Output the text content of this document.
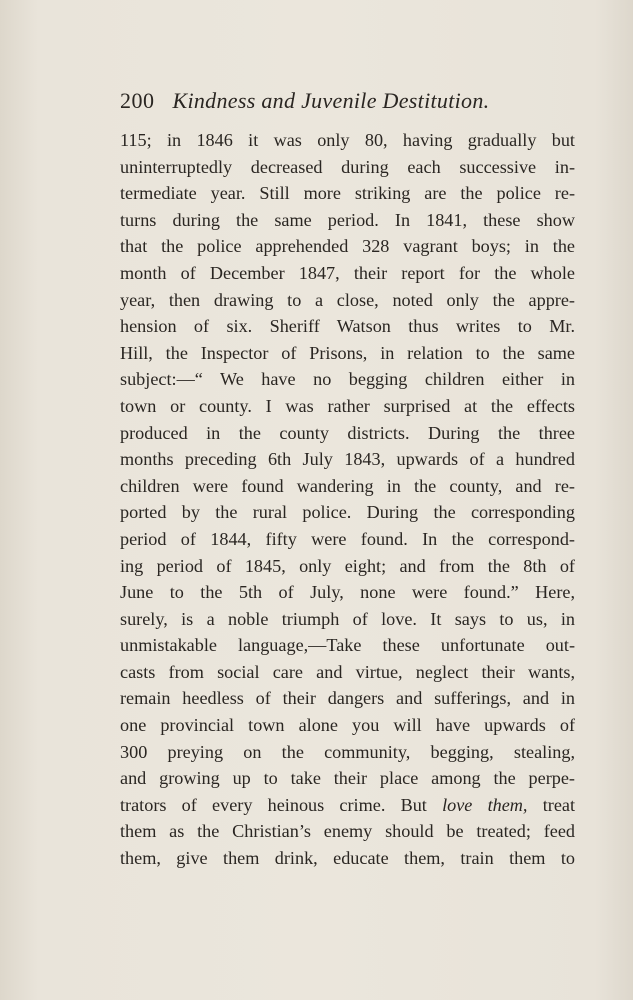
200 Kindness and Juvenile Destitution.
115; in 1846 it was only 80, having gradually but
uninterruptedly decreased during each successive in-
termediate year. Still more striking are the police re-
turns during the same period. In 1841, these show
that the police apprehended 328 vagrant boys; in the
month of December 1847, their report for the whole
year, then drawing to a close, noted only the appre-
hension of six. Sheriff Watson thus writes to Mr.
Hill, the Inspector of Prisons, in relation to the same
subject:—“ We have no begging children either in
town or county. I was rather surprised at the effects
produced in the county districts. During the three
months preceding 6th July 1843, upwards of a hundred
children were found wandering in the county, and re-
ported by the rural police. During the corresponding
period of 1844, fifty were found. In the correspond-
ing period of 1845, only eight; and from the 8th of
June to the 5th of July, none were found.” Here,
surely, is a noble triumph of love. It says to us, in
unmistakable language,—Take these unfortunate out-
casts from social care and virtue, neglect their wants,
remain heedless of their dangers and sufferings, and in
one provincial town alone you will have upwards of
300 preying on the community, begging, stealing,
and growing up to take their place among the perpe-
trators of every heinous crime. But love them, treat
them as the Christian’s enemy should be treated; feed
them, give them drink, educate them, train them to
